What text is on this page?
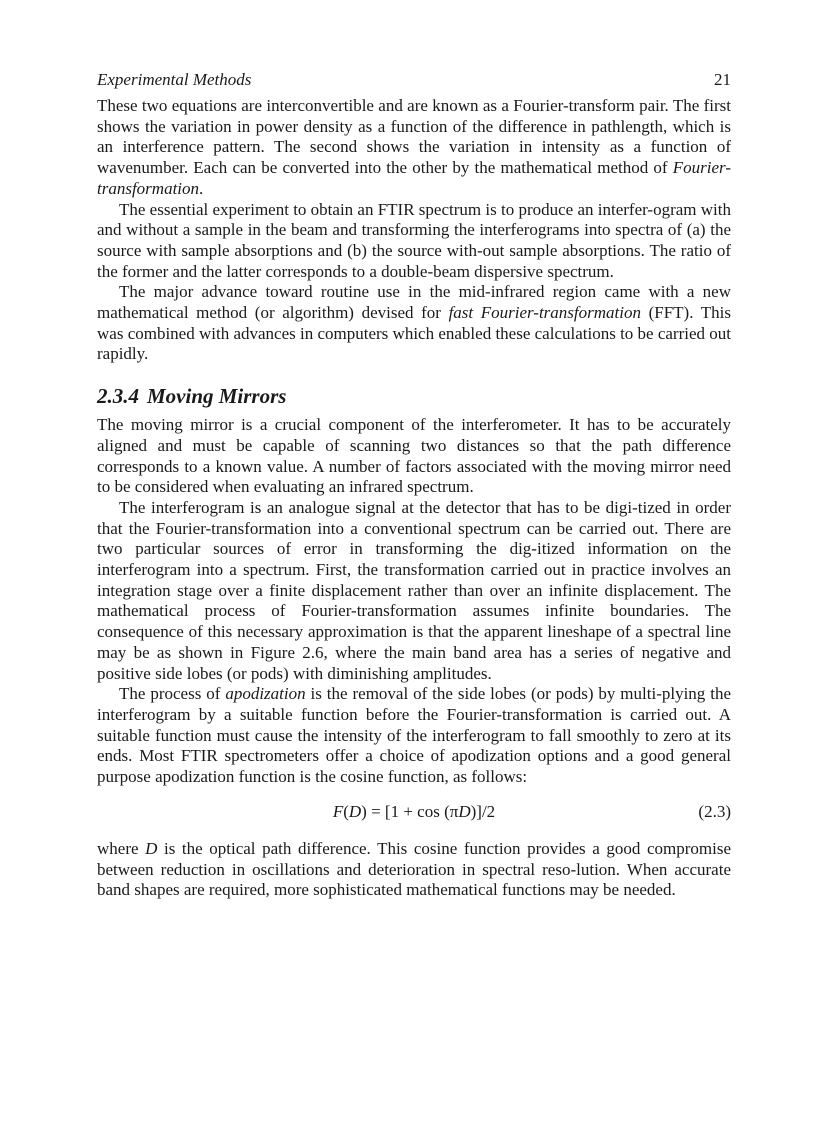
Experimental Methods	21

These two equations are interconvertible and are known as a Fourier-transform pair. The first shows the variation in power density as a function of the difference in pathlength, which is an interference pattern. The second shows the variation in intensity as a function of wavenumber. Each can be converted into the other by the mathematical method of Fourier-transformation.

The essential experiment to obtain an FTIR spectrum is to produce an interfer-ogram with and without a sample in the beam and transforming the interferograms into spectra of (a) the source with sample absorptions and (b) the source with-out sample absorptions. The ratio of the former and the latter corresponds to a double-beam dispersive spectrum.

The major advance toward routine use in the mid-infrared region came with a new mathematical method (or algorithm) devised for fast Fourier-transformation (FFT). This was combined with advances in computers which enabled these calculations to be carried out rapidly.

2.3.4 Moving Mirrors

The moving mirror is a crucial component of the interferometer. It has to be accurately aligned and must be capable of scanning two distances so that the path difference corresponds to a known value. A number of factors associated with the moving mirror need to be considered when evaluating an infrared spectrum.

The interferogram is an analogue signal at the detector that has to be digi-tized in order that the Fourier-transformation into a conventional spectrum can be carried out. There are two particular sources of error in transforming the dig-itized information on the interferogram into a spectrum. First, the transformation carried out in practice involves an integration stage over a finite displacement rather than over an infinite displacement. The mathematical process of Fourier-transformation assumes infinite boundaries. The consequence of this necessary approximation is that the apparent lineshape of a spectral line may be as shown in Figure 2.6, where the main band area has a series of negative and positive side lobes (or pods) with diminishing amplitudes.

The process of apodization is the removal of the side lobes (or pods) by multi-plying the interferogram by a suitable function before the Fourier-transformation is carried out. A suitable function must cause the intensity of the interferogram to fall smoothly to zero at its ends. Most FTIR spectrometers offer a choice of apodization options and a good general purpose apodization function is the cosine function, as follows:

F(D) = [1 + cos (πD)]/2	(2.3)

where D is the optical path difference. This cosine function provides a good compromise between reduction in oscillations and deterioration in spectral reso-lution. When accurate band shapes are required, more sophisticated mathematical functions may be needed.
